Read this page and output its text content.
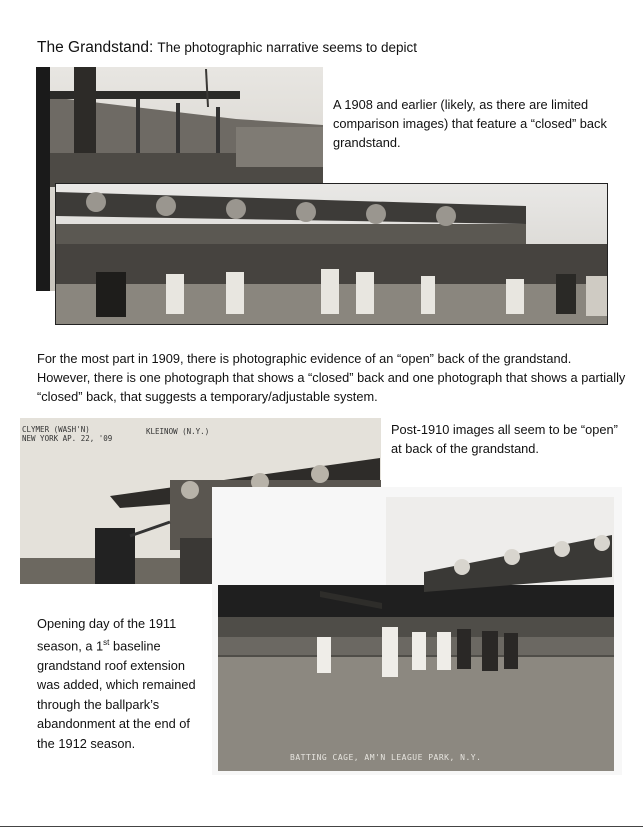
The Grandstand: The photographic narrative seems to depict
A 1908 and earlier (likely, as there are limited comparison images) that feature a “closed” back grandstand.
For the most part in 1909, there is photographic evidence of an “open” back of the grandstand. However, there is one photograph that shows a “closed” back and one photograph that shows a partially “closed” back, that suggests a temporary/adjustable system.
CLYMER (WASH'N)
NEW YORK AP. 22, '09
KLEINOW (N.Y.)	Post-1910 images all seem to be “open” at back of the grandstand.
BATTING CAGE, AM'N LEAGUE PARK, N.Y.
Opening day of the 1911 season, a 1st baseline grandstand roof extension was added, which remained through the ballpark’s abandonment at the end of the 1912 season.
